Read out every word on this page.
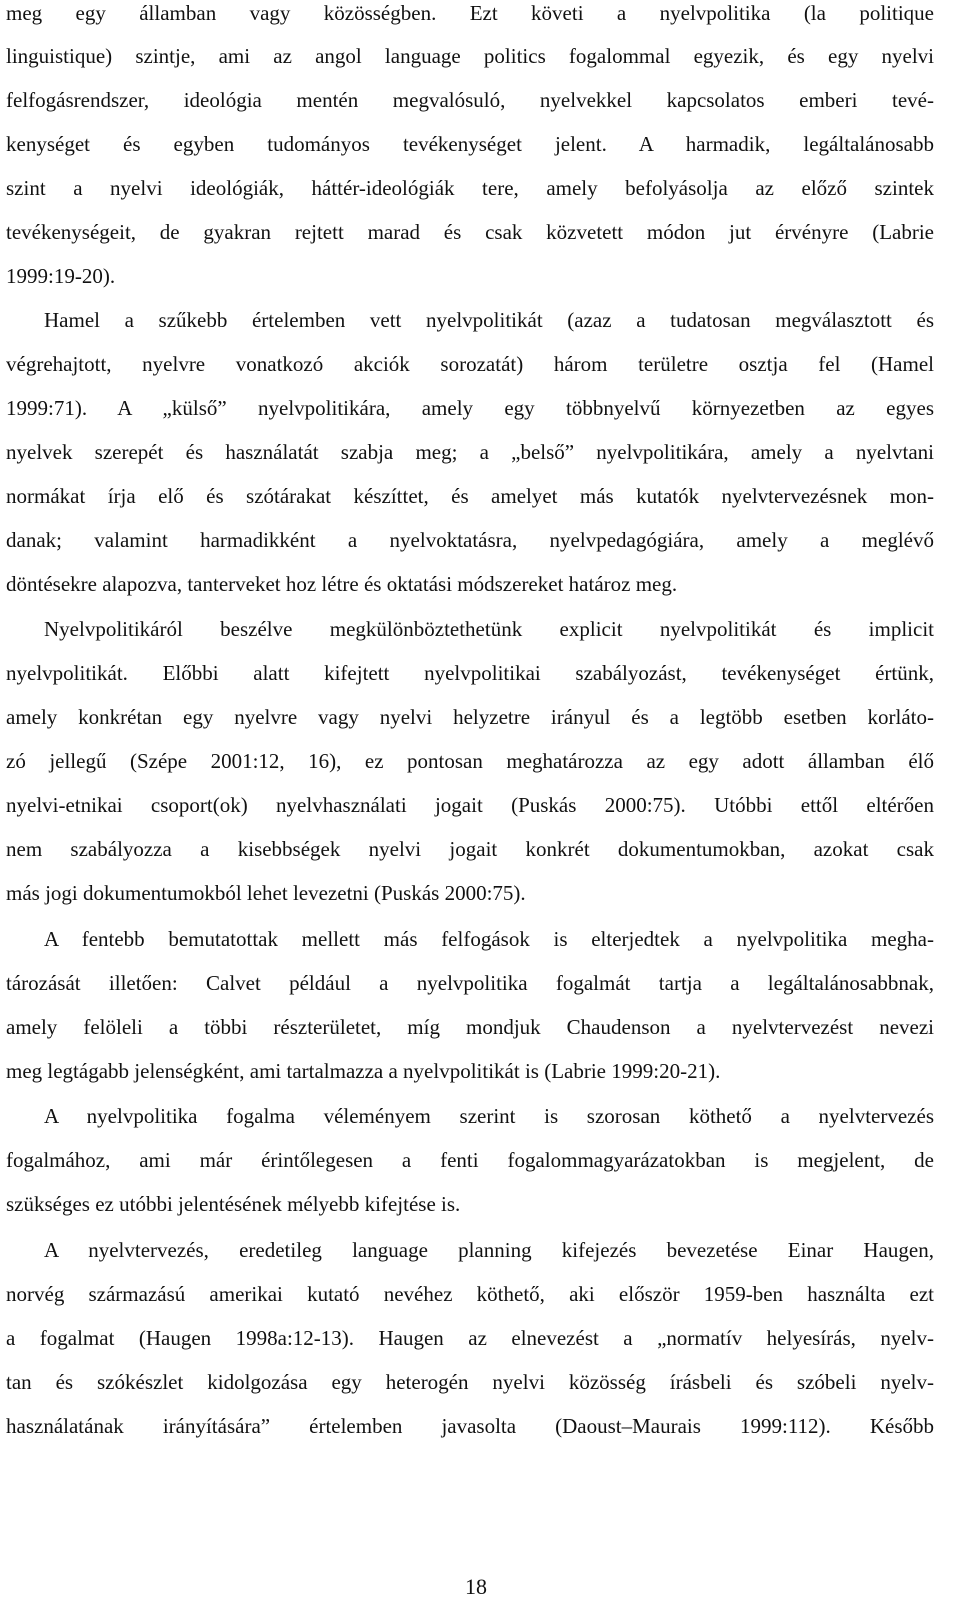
meg egy államban vagy közösségben. Ezt követi a nyelvpolitika (la politique
linguistique) szintje, ami az angol language politics fogalommal egyezik, és egy nyelvi
felfogásrendszer, ideológia mentén megvalósuló, nyelvekkel kapcsolatos emberi tevé-
kenységet és egyben tudományos tevékenységet jelent. A harmadik, legáltalánosabb
szint a nyelvi ideológiák, háttér-ideológiák tere, amely befolyásolja az előző szintek
tevékenységeit, de gyakran rejtett marad és csak közvetett módon jut érvényre (Labrie
1999:19-20).
Hamel a szűkebb értelemben vett nyelvpolitikát (azaz a tudatosan megválasztott és
végrehajtott, nyelvre vonatkozó akciók sorozatát) három területre osztja fel (Hamel
1999:71). A „külső” nyelvpolitikára, amely egy többnyelvű környezetben az egyes
nyelvek szerepét és használatát szabja meg; a „belső” nyelvpolitikára, amely a nyelvtani
normákat írja elő és szótárakat készíttet, és amelyet más kutatók nyelvtervezésnek mon-
danak; valamint harmadikként a nyelvoktatásra, nyelvpedagógiára, amely a meglévő
döntésekre alapozva, tanterveket hoz létre és oktatási módszereket határoz meg.
Nyelvpolitikáról beszélve megkülönböztethetünk explicit nyelvpolitikát és implicit
nyelvpolitikát. Előbbi alatt kifejtett nyelvpolitikai szabályozást, tevékenységet értünk,
amely konkrétan egy nyelvre vagy nyelvi helyzetre irányul és a legtöbb esetben korláto-
zó jellegű (Szépe 2001:12, 16), ez pontosan meghatározza az egy adott államban élő
nyelvi-etnikai csoport(ok) nyelvhasználati jogait (Puskás 2000:75). Utóbbi ettől eltérően
nem szabályozza a kisebbségek nyelvi jogait konkrét dokumentumokban, azokat csak
más jogi dokumentumokból lehet levezetni (Puskás 2000:75).
A fentebb bemutatottak mellett más felfogások is elterjedtek a nyelvpolitika megha-
tározását illetően: Calvet például a nyelvpolitika fogalmát tartja a legáltalánosabbnak,
amely felöleli a többi részterületet, míg mondjuk Chaudenson a nyelvtervezést nevezi
meg legtágabb jelenségként, ami tartalmazza a nyelvpolitikát is (Labrie 1999:20-21).
A nyelvpolitika fogalma véleményem szerint is szorosan köthető a nyelvtervezés
fogalmához, ami már érintőlegesen a fenti fogalommagyarázatokban is megjelent, de
szükséges ez utóbbi jelentésének mélyebb kifejtése is.
A nyelvtervezés, eredetileg language planning kifejezés bevezetése Einar Haugen,
norvég származású amerikai kutató nevéhez köthető, aki először 1959-ben használta ezt
a fogalmat (Haugen 1998a:12-13). Haugen az elnevezést a „normatív helyesírás, nyelv-
tan és szókészlet kidolgozása egy heterogén nyelvi közösség írásbeli és szóbeli nyelv-
használatának irányítására” értelemben javasolta (Daoust–Maurais 1999:112). Később
18
